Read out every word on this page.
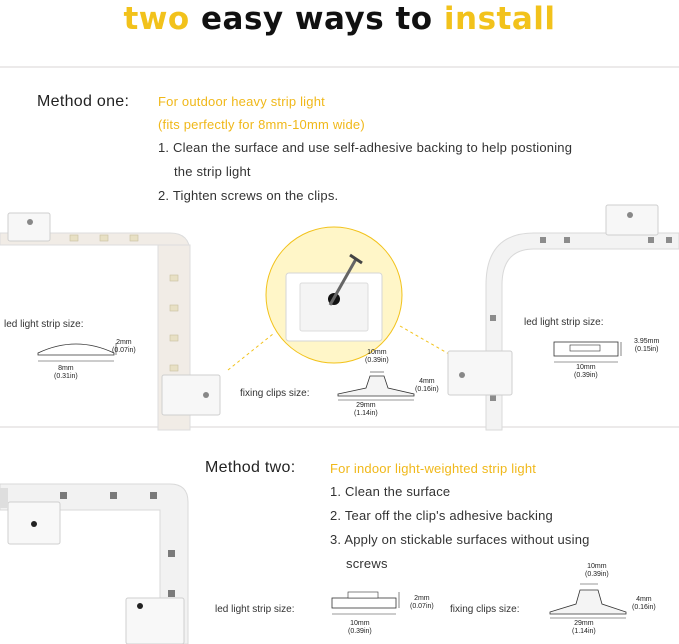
two easy ways to install
Method one: For outdoor heavy strip light
(fits perfectly for 8mm-10mm wide)
1. Clean the surface and use self-adhesive backing to help postioning
the strip light
2. Tighten screws on the clips.
led light strip size:
2mm
(0.07in)
8mm
(0.31in)
fixing clips size:
10mm
(0.39in)
4mm
(0.16in)
29mm
(1.14in)
led light strip size:
3.95mm
(0.15in)
10mm
(0.39in)
Method two:	For indoor light-weighted strip light
1. Clean the surface
2. Tear off the clip's adhesive backing
3. Apply on stickable surfaces without using
screws
led light strip size:
2mm
(0.07in)
10mm
(0.39in)
fixing clips size:
10mm
(0.39in)
4mm
(0.16in)
29mm
(1.14in)
